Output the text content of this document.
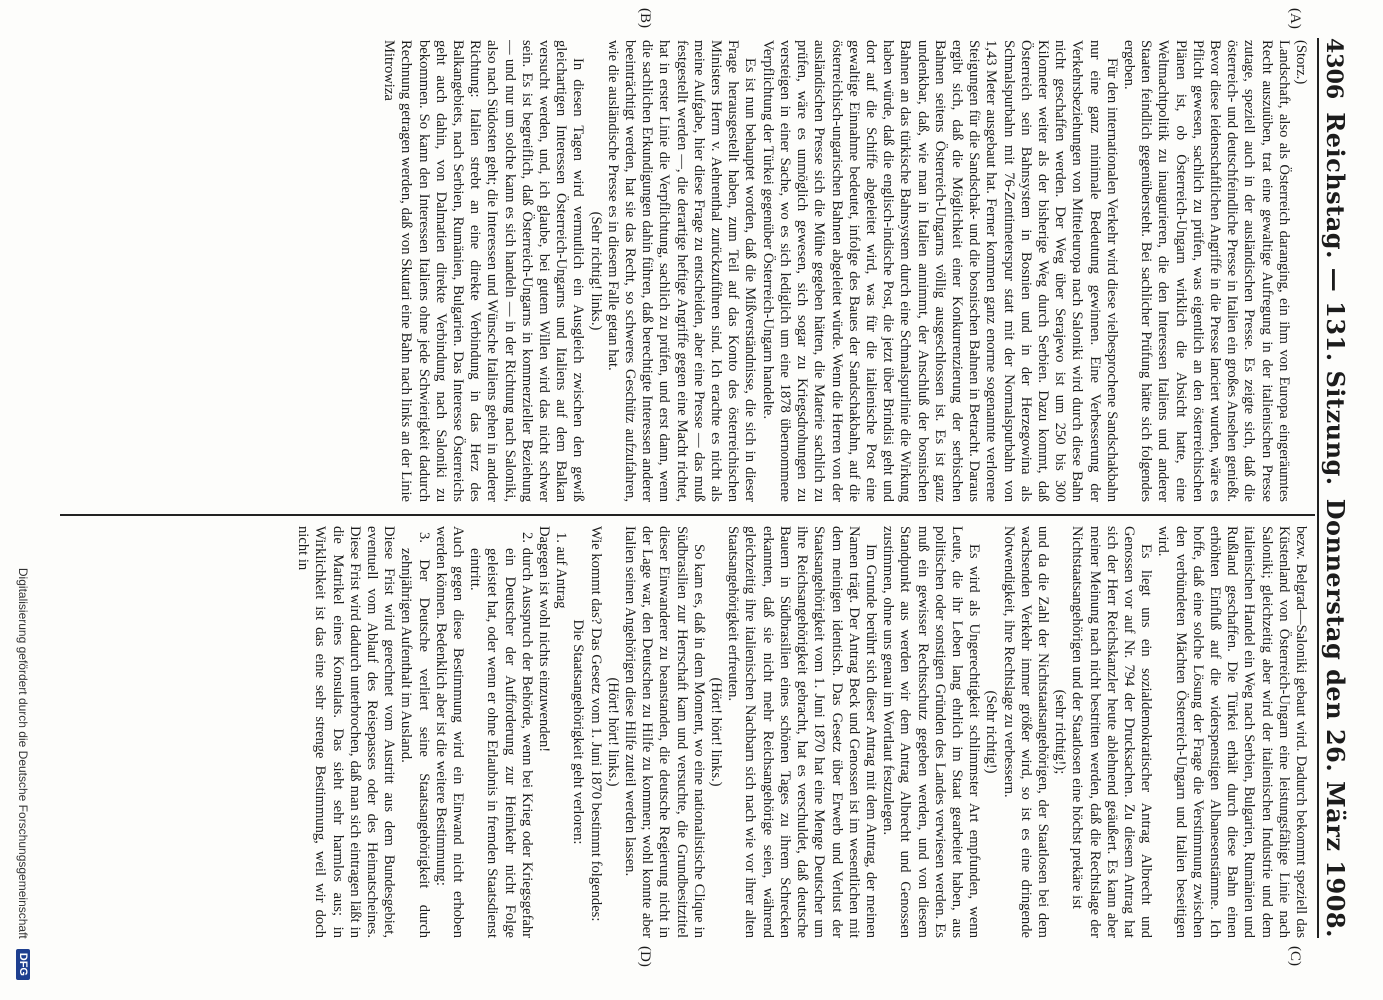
4306
Reichstag. — 131. Sitzung.
Donnerstag den 26. März 1908.
(A)
(B)
(C)
(D)

(Storz.)

Landschaft, also als Österreich daranging, ein ihm von Europa eingeräumtes Recht auszuüben, trat eine gewaltige Aufregung in der italienischen Presse zutage, speziell auch in der ausländischen Presse. Es zeigte sich, daß die österreich- und deutschfeindliche Presse in Italien ein großes Ansehen genießt. Bevor diese leidenschaftlichen Angriffe in die Presse lanciert wurden, wäre es Pflicht gewesen, sachlich zu prüfen, was eigentlich an den österreichischen Plänen ist, ob Österreich-Ungarn wirklich die Absicht hatte, eine Weltmachtpolitik zu inaugurieren, die den Interessen Italiens und anderer Staaten feindlich gegenübersteht. Bei sachlicher Prüfung hätte sich folgendes ergeben.

Für den internationalen Verkehr wird diese vielbesprochene Sandschakbahn nur eine ganz minimale Bedeutung gewinnen. Eine Verbesserung der Verkehrsbeziehungen von Mitteleuropa nach Saloniki wird durch diese Bahn nicht geschaffen werden. Der Weg über Serajewo ist um 250 bis 300 Kilometer weiter als der bisherige Weg durch Serbien. Dazu kommt, daß Österreich sein Bahnsystem in Bosnien und in der Herzegowina als Schmalspurbahn mit 76-Zentimeterspur statt mit der Normalspurbahn von 1,43 Meter ausgebaut hat. Ferner kommen ganz enorme sogenannte verlorene Steigungen für die Sandschak- und die bosnischen Bahnen in Betracht. Daraus ergibt sich, daß die Möglichkeit einer Konkurrenzierung der serbischen Bahnen seitens Österreich-Ungarns völlig ausgeschlossen ist. Es ist ganz undenkbar, daß, wie man in Italien annimmt, der Anschluß der bosnischen Bahnen an das türkische Bahnsystem durch eine Schmalspurlinie die Wirkung haben würde, daß die englisch-indische Post, die jetzt über Brindisi geht und dort auf die Schiffe abgeleitet wird, was für die italienische Post eine gewaltige Einnahme bedeutet, infolge des Baues der Sandschakbahn, auf die österreichisch-ungarischen Bahnen abgeleitet würde. Wenn die Herren von der ausländischen Presse sich die Mühe gegeben hätten, die Materie sachlich zu prüfen, wäre es unmöglich gewesen, sich sogar zu Kriegsdrohungen zu versteigen in einer Sache, wo es sich lediglich um eine 1878 übernommene Verpflichtung der Türkei gegenüber Österreich-Ungarn handelte.

Es ist nun behauptet worden, daß die Mißverständnisse, die sich in dieser Frage herausgestellt haben, zum Teil auf das Konto des österreichischen Ministers Herrn v. Aehrenthal zurückzuführen sind. Ich erachte es nicht als meine Aufgabe, hier diese Frage zu entscheiden, aber eine Presse — das muß festgestellt werden —, die derartige heftige Angriffe gegen eine Macht richtet, hat in erster Linie die Verpflichtung, sachlich zu prüfen, und erst dann, wenn die sachlichen Erkundigungen dahin führen, daß berechtigte Interessen anderer beeinträchtigt werden, hat sie das Recht, so schweres Geschütz aufzufahren, wie die ausländische Presse es in diesem Falle getan hat.

(Sehr richtig! links.)

In diesen Tagen wird vermutlich ein Ausgleich zwischen den gewiß gleichartigen Interessen Österreich-Ungarns und Italiens auf dem Balkan versucht werden, und, ich glaube, bei gutem Willen wird das nicht schwer sein. Es ist begreiflich, daß Österreich-Ungarns in kommerzieller Beziehung — und nur um solche kann es sich handeln — in der Richtung nach Saloniki, also nach Südosten geht; die Interessen und Wünsche Italiens gehen in anderer Richtung: Italien strebt an eine direkte Verbindung in das Herz des Balkangebiets, nach Serbien, Rumänien, Bulgarien. Das Interesse Österreichs geht auch dahin, von Dalmatien direkte Verbindung nach Saloniki zu bekommen. So kann den Interessen Italiens ohne jede Schwierigkeit dadurch Rechnung getragen werden, daß von Skutari eine Bahn nach links an der Linie Mitrowiza

bezw. Belgrad—Saloniki gebaut wird. Dadurch bekommt speziell das Küstenland von Österreich-Ungarn eine leistungsfähige Linie nach Saloniki; gleichzeitig aber wird der italienischen Industrie und dem italienischen Handel ein Weg nach Serbien, Bulgarien, Rumänien und Rußland geschaffen. Die Türkei erhält durch diese Bahn einen erhöhten Einfluß auf die widerspenstigen Albanesenstämme. Ich hoffe, daß eine solche Lösung der Frage die Verstimmung zwischen den verbündeten Mächten Österreich-Ungarn und Italien beseitigen wird.

Es liegt uns ein sozialdemokratischer Antrag Albrecht und Genossen vor auf Nr. 794 der Drucksachen. Zu diesem Antrag hat sich der Herr Reichskanzler heute ablehnend geäußert. Es kann aber meiner Meinung nach nicht bestritten werden, daß die Rechtslage der Nichtstaatsangehörigen und der Staatlosen eine höchst prekäre ist

(sehr richtig!);

und da die Zahl der Nichtstaatsangehörigen, der Staatlosen bei dem wachsenden Verkehr immer größer wird, so ist es eine dringende Notwendigkeit, ihre Rechtslage zu verbessern.

(Sehr richtig!)

Es wird als Ungerechtigkeit schlimmster Art empfunden, wenn Leute, die ihr Leben lang ehrlich im Staat gearbeitet haben, aus politischen oder sonstigen Gründen des Landes verwiesen werden. Es muß ein gewisser Rechtsschutz gegeben werden, und von diesem Standpunkt aus werden wir dem Antrag Albrecht und Genossen zustimmen, ohne uns genau im Wortlaut festzulegen.

Im Grunde berührt sich dieser Antrag mit dem Antrag, der meinen Namen trägt. Der Antrag Beck und Genossen ist im wesentlichen mit dem meinigen identisch. Das Gesetz über Erwerb und Verlust der Staatsangehörigkeit vom 1. Juni 1870 hat eine Menge Deutscher um ihre Reichsangehörigkeit gebracht, hat es verschuldet, daß deutsche Bauern in Südbrasilien eines schönen Tages zu ihrem Schrecken erkannten, daß sie nicht mehr Reichsangehörige seien, während gleichzeitig ihre italienischen Nachbarn sich nach wie vor ihrer alten Staatsangehörigkeit erfreuten.

(Hört! hört! links.)

So kam es, daß in dem Moment, wo eine nationalistische Clique in Südbrasilien zur Herrschaft kam und versuchte, die Grundbesitztitel dieser Einwanderer zu beanstanden, die deutsche Regierung nicht in der Lage war, den Deutschen zu Hilfe zu kommen; wohl konnte aber Italien seinen Angehörigen diese Hilfe zuteil werden lassen.

(Hört! hört! links.)

Wie kommt das? Das Gesetz vom 1. Juni 1870 bestimmt folgendes:

Die Staatsangehörigkeit geht verloren:

1. auf Antrag

Dagegen ist wohl nichts einzuwenden!

2. durch Ausspruch der Behörde, wenn bei Krieg oder Kriegsgefahr ein Deutscher der Aufforderung zur Heimkehr nicht Folge geleistet hat, oder wenn er ohne Erlaubnis in fremden Staatsdienst eintritt.

Auch gegen diese Bestimmung wird ein Einwand nicht erhoben werden können. Bedenklich aber ist die weitere Bestimmung:

3. Der Deutsche verliert seine Staatsangehörigkeit durch zehnjährigen Aufenthalt im Ausland.

Diese Frist wird gerechnet vom Austritt aus dem Bundesgebiet, eventuell vom Ablauf des Reisepasses oder des Heimatscheines. Diese Frist wird dadurch unterbrochen, daß man sich eintragen läßt in die Matrikel eines Konsulats. Das sieht sehr harmlos aus; in Wirklichkeit ist das eine sehr strenge Bestimmung, weil wir doch nicht in

Digitalisierung gefördert durch die Deutsche Forschungsgemeinschaft
DFG
